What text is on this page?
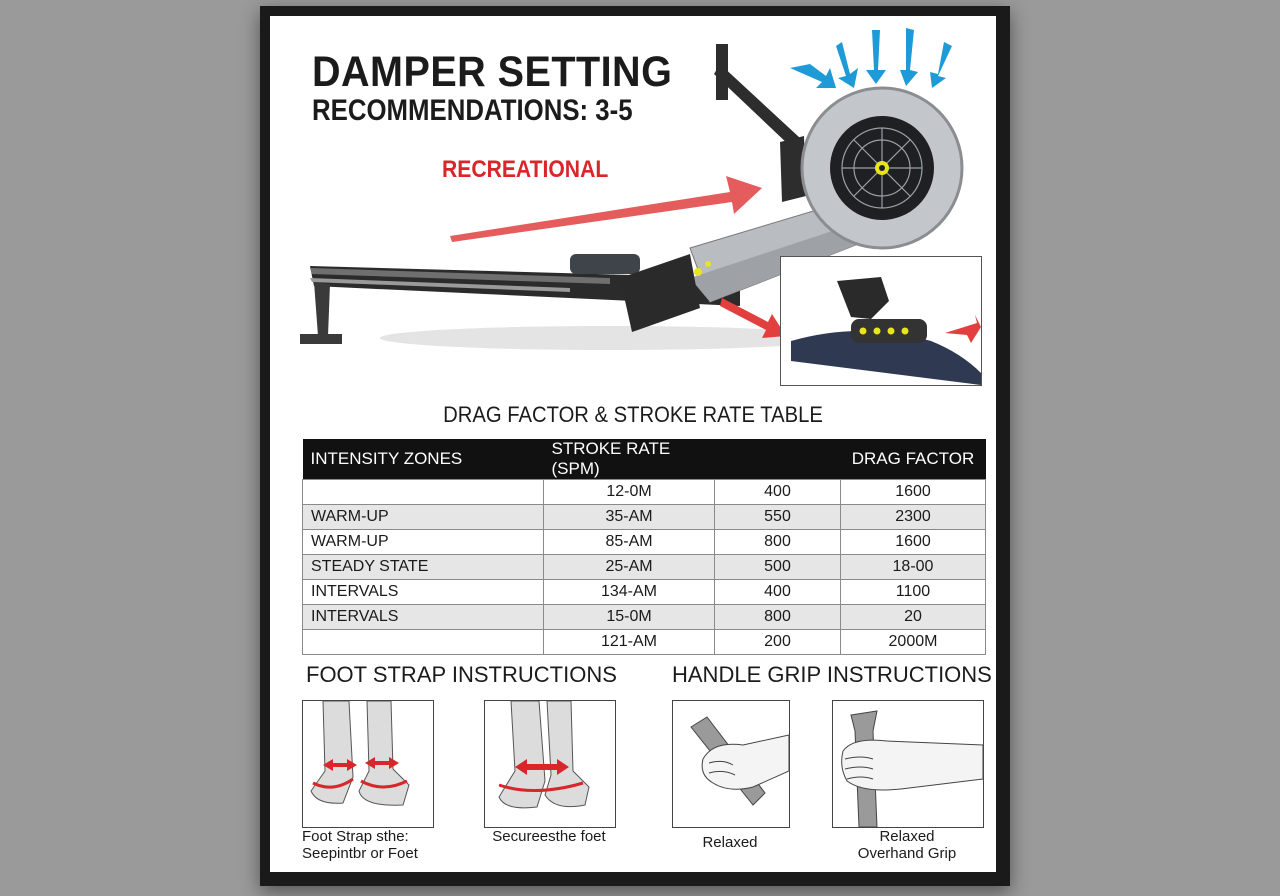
DAMPER SETTING
RECOMMENDATIONS: 3-5
RECREATIONAL
DRAG FACTOR & STROKE RATE TABLE
INTENSITY ZONES	STROKE RATE (SPM)		DRAG FACTOR
	12-0M	400	1600
WARM-UP	35-AM	550	2300
WARM-UP	85-AM	800	1600
STEADY STATE	25-AM	500	18-00
INTERVALS	134-AM	400	1100
INTERVALS	15-0M	800	20
	121-AM	200	2000M
FOOT STRAP INSTRUCTIONS	HANDLE GRIP INSTRUCTIONS
Foot Strap sthe:
Seepintbr or Foet
Secureesthe foet	Relaxed	Relaxed
Overhand Grip
